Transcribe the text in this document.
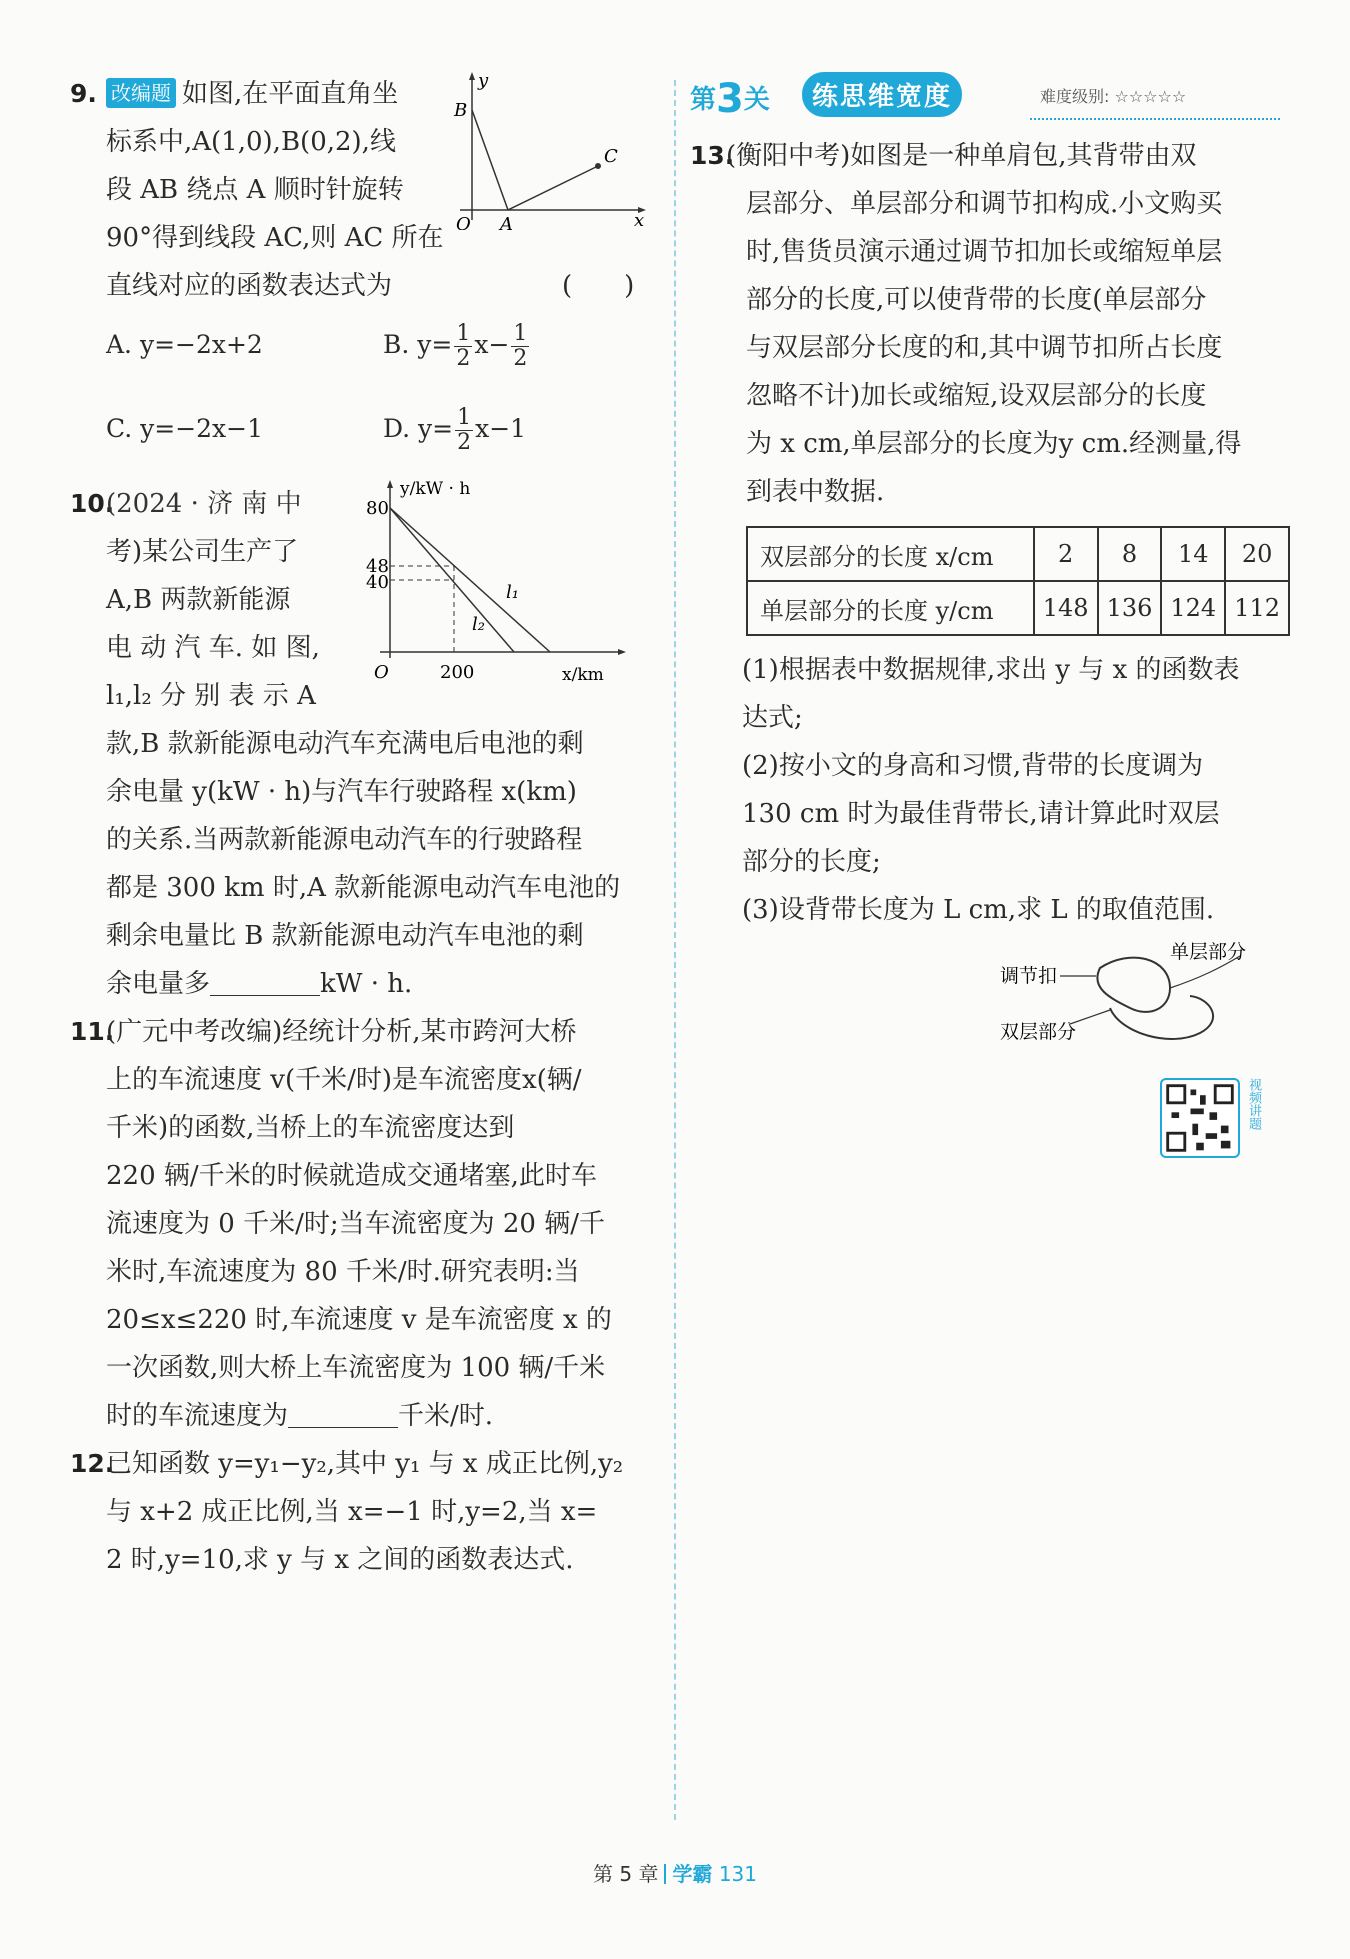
9. 改编题 如图,在平面直角坐
标系中,A(1,0),B(0,2),线
段 AB 绕点 A 顺时针旋转
90°得到线段 AC,则 AC 所在
直线对应的函数表达式为	(　　)
A. y=−2x+2	B. $y= \frac{1}{2} x- \frac{1}{2}$
C. y=−2x−1	D. $y= \frac{1}{2} x-1$
y
x
O A
B
C
10.(2024 · 济 南 中
考)某公司生产了
A,B 两款新能源
电 动 汽 车. 如 图,
l₁,l₂ 分 别 表 示 A
款,B 款新能源电动汽车充满电后电池的剩
余电量 y(kW · h)与汽车行驶路程 x(km)
的关系.当两款新能源电动汽车的行驶路程
都是 300 km 时,A 款新能源电动汽车电池的
剩余电量比 B 款新能源电动汽车电池的剩
余电量多	kW · h.
y/kW · h
x/km
O
80
48
40
200
l₁
l₂
11.(广元中考改编)经统计分析,某市跨河大桥
上的车流速度 v(千米/时)是车流密度x(辆/
千米)的函数,当桥上的车流密度达到
220 辆/千米的时候就造成交通堵塞,此时车
流速度为 0 千米/时;当车流密度为 20 辆/千
米时,车流速度为 80 千米/时.研究表明:当
20≤x≤220 时,车流速度 v 是车流密度 x 的
一次函数,则大桥上车流密度为 100 辆/千米
时的车流速度为	千米/时.
12.已知函数 y=y₁−y₂,其中 y₁ 与 x 成正比例,y₂
与 x+2 成正比例,当 x=−1 时,y=2,当 x=
2 时,y=10,求 y 与 x 之间的函数表达式.
第3关	练思维宽度	难度级别: ☆☆☆☆☆
13.(衡阳中考)如图是一种单肩包,其背带由双
层部分、单层部分和调节扣构成.小文购买
时,售货员演示通过调节扣加长或缩短单层
部分的长度,可以使背带的长度(单层部分
与双层部分长度的和,其中调节扣所占长度
忽略不计)加长或缩短,设双层部分的长度
为 x cm,单层部分的长度为y cm.经测量,得
到表中数据.
双层部分的长度 x/cm	2	8	14	20
单层部分的长度 y/cm	148	136	124	112
(1)根据表中数据规律,求出 y 与 x 的函数表
达式;
(2)按小文的身高和习惯,背带的长度调为
130 cm 时为最佳背带长,请计算此时双层
部分的长度;
(3)设背带长度为 L cm,求 L 的取值范围.
单层部分
调节扣
双层部分
视频讲题
第 5 章 学霸 131
